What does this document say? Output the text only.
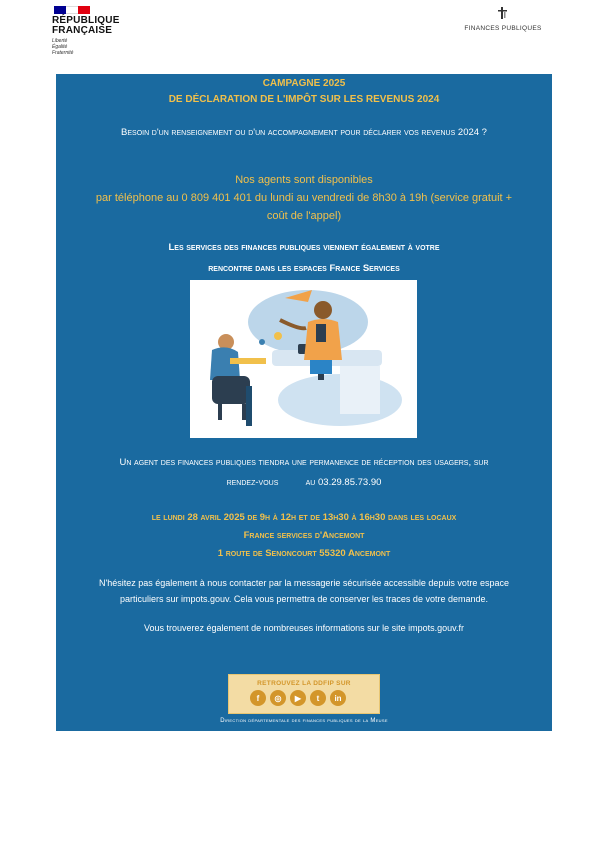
RÉPUBLIQUE
FRANÇAISE
Liberté
Égalité
Fraternité
FINANCES PUBLIQUES
CAMPAGNE 2025
DE DÉCLARATION DE L'IMPÔT SUR LES REVENUS 2024
Besoin d'un renseignement ou d'un accompagnement pour déclarer vos revenus 2024 ?
Nos agents sont disponibles
par téléphone au 0 809 401 401 du lundi au vendredi de 8h30 à 19h (service gratuit +
coût de l'appel)
Les services des finances publiques viennent également à votre
rencontre dans les espaces France Services
Un agent des finances publiques tiendra une permanence de réception des usagers, sur
rendez-vous	au 03.29.85.73.90
le lundi 28 avril 2025 de 9h à 12h et de 13h30 à 16h30 dans les locaux
France services d'Ancemont
1 route de Senoncourt 55320 Ancemont
N'hésitez pas également à nous contacter par la messagerie sécurisée accessible depuis votre espace
particuliers sur impots.gouv. Cela vous permettra de conserver les traces de votre demande.
Vous trouverez également de nombreuses informations sur le site impots.gouv.fr
RETROUVEZ LA DDFIP SUR
f	◎	▶	t	in
Direction départementale des finances publiques de la Meuse
